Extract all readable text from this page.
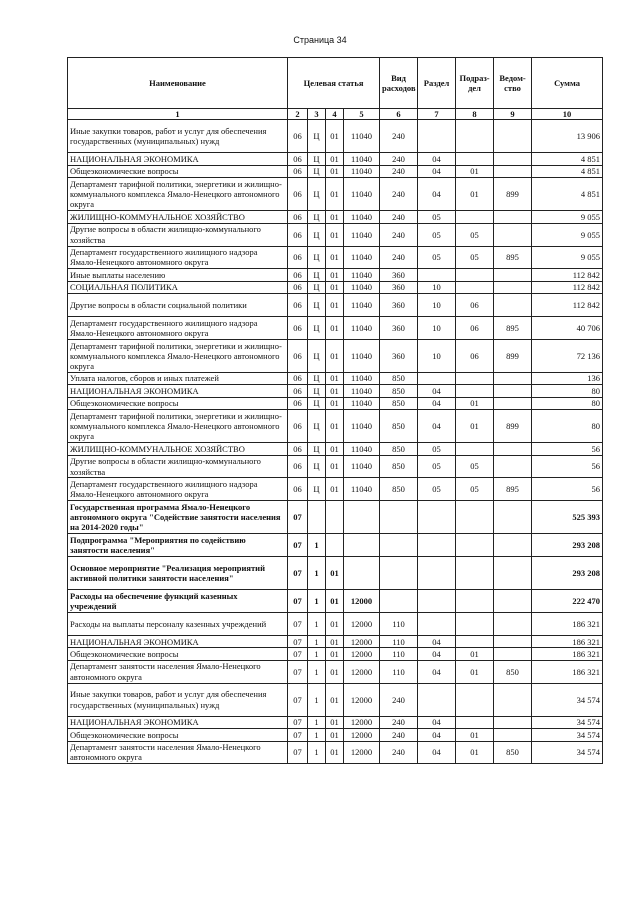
Страница 34
Наименование	Целевая статья				Вид расходов	Раздел	Подраз-дел	Ведом-ство	Сумма
1	2	3	4	5	6	7	8	9	10
Иные закупки товаров, работ и услуг для обеспечения государственных (муниципальных) нужд	06	Ц	01	11040	240				13 906
НАЦИОНАЛЬНАЯ ЭКОНОМИКА	06	Ц	01	11040	240	04			4 851
Общеэкономические вопросы	06	Ц	01	11040	240	04	01		4 851
Департамент тарифной политики, энергетики и жилищно-коммунального комплекса Ямало-Ненецкого автономного округа	06	Ц	01	11040	240	04	01	899	4 851
ЖИЛИЩНО-КОММУНАЛЬНОЕ ХОЗЯЙСТВО	06	Ц	01	11040	240	05			9 055
Другие вопросы в области жилищно-коммунального хозяйства	06	Ц	01	11040	240	05	05		9 055
Департамент государственного жилищного надзора Ямало-Ненецкого автономного округа	06	Ц	01	11040	240	05	05	895	9 055
Иные выплаты населению	06	Ц	01	11040	360				112 842
СОЦИАЛЬНАЯ ПОЛИТИКА	06	Ц	01	11040	360	10			112 842
Другие вопросы в области социальной политики	06	Ц	01	11040	360	10	06		112 842
Департамент государственного жилищного надзора Ямало-Ненецкого автономного округа	06	Ц	01	11040	360	10	06	895	40 706
Департамент тарифной политики, энергетики и жилищно-коммунального комплекса Ямало-Ненецкого автономного округа	06	Ц	01	11040	360	10	06	899	72 136
Уплата налогов, сборов и иных платежей	06	Ц	01	11040	850				136
НАЦИОНАЛЬНАЯ ЭКОНОМИКА	06	Ц	01	11040	850	04			80
Общеэкономические вопросы	06	Ц	01	11040	850	04	01		80
Департамент тарифной политики, энергетики и жилищно-коммунального комплекса Ямало-Ненецкого автономного округа	06	Ц	01	11040	850	04	01	899	80
ЖИЛИЩНО-КОММУНАЛЬНОЕ ХОЗЯЙСТВО	06	Ц	01	11040	850	05			56
Другие вопросы в области жилищно-коммунального хозяйства	06	Ц	01	11040	850	05	05		56
Департамент государственного жилищного надзора Ямало-Ненецкого автономного округа	06	Ц	01	11040	850	05	05	895	56
Государственная программа Ямало-Ненецкого автономного округа "Содействие занятости населения на 2014-2020 годы"	07								525 393
Подпрограмма "Мероприятия по содействию занятости населения"	07	1							293 208
Основное мероприятие "Реализация мероприятий активной политики занятости населения"	07	1	01						293 208
Расходы на обеспечение функций казенных учреждений	07	1	01	12000					222 470
Расходы на выплаты персоналу казенных учреждений	07	1	01	12000	110				186 321
НАЦИОНАЛЬНАЯ ЭКОНОМИКА	07	1	01	12000	110	04			186 321
Общеэкономические вопросы	07	1	01	12000	110	04	01		186 321
Департамент занятости населения Ямало-Ненецкого автономного округа	07	1	01	12000	110	04	01	850	186 321
Иные закупки товаров, работ и услуг для обеспечения государственных (муниципальных) нужд	07	1	01	12000	240				34 574
НАЦИОНАЛЬНАЯ ЭКОНОМИКА	07	1	01	12000	240	04			34 574
Общеэкономические вопросы	07	1	01	12000	240	04	01		34 574
Департамент занятости населения Ямало-Ненецкого автономного округа	07	1	01	12000	240	04	01	850	34 574
